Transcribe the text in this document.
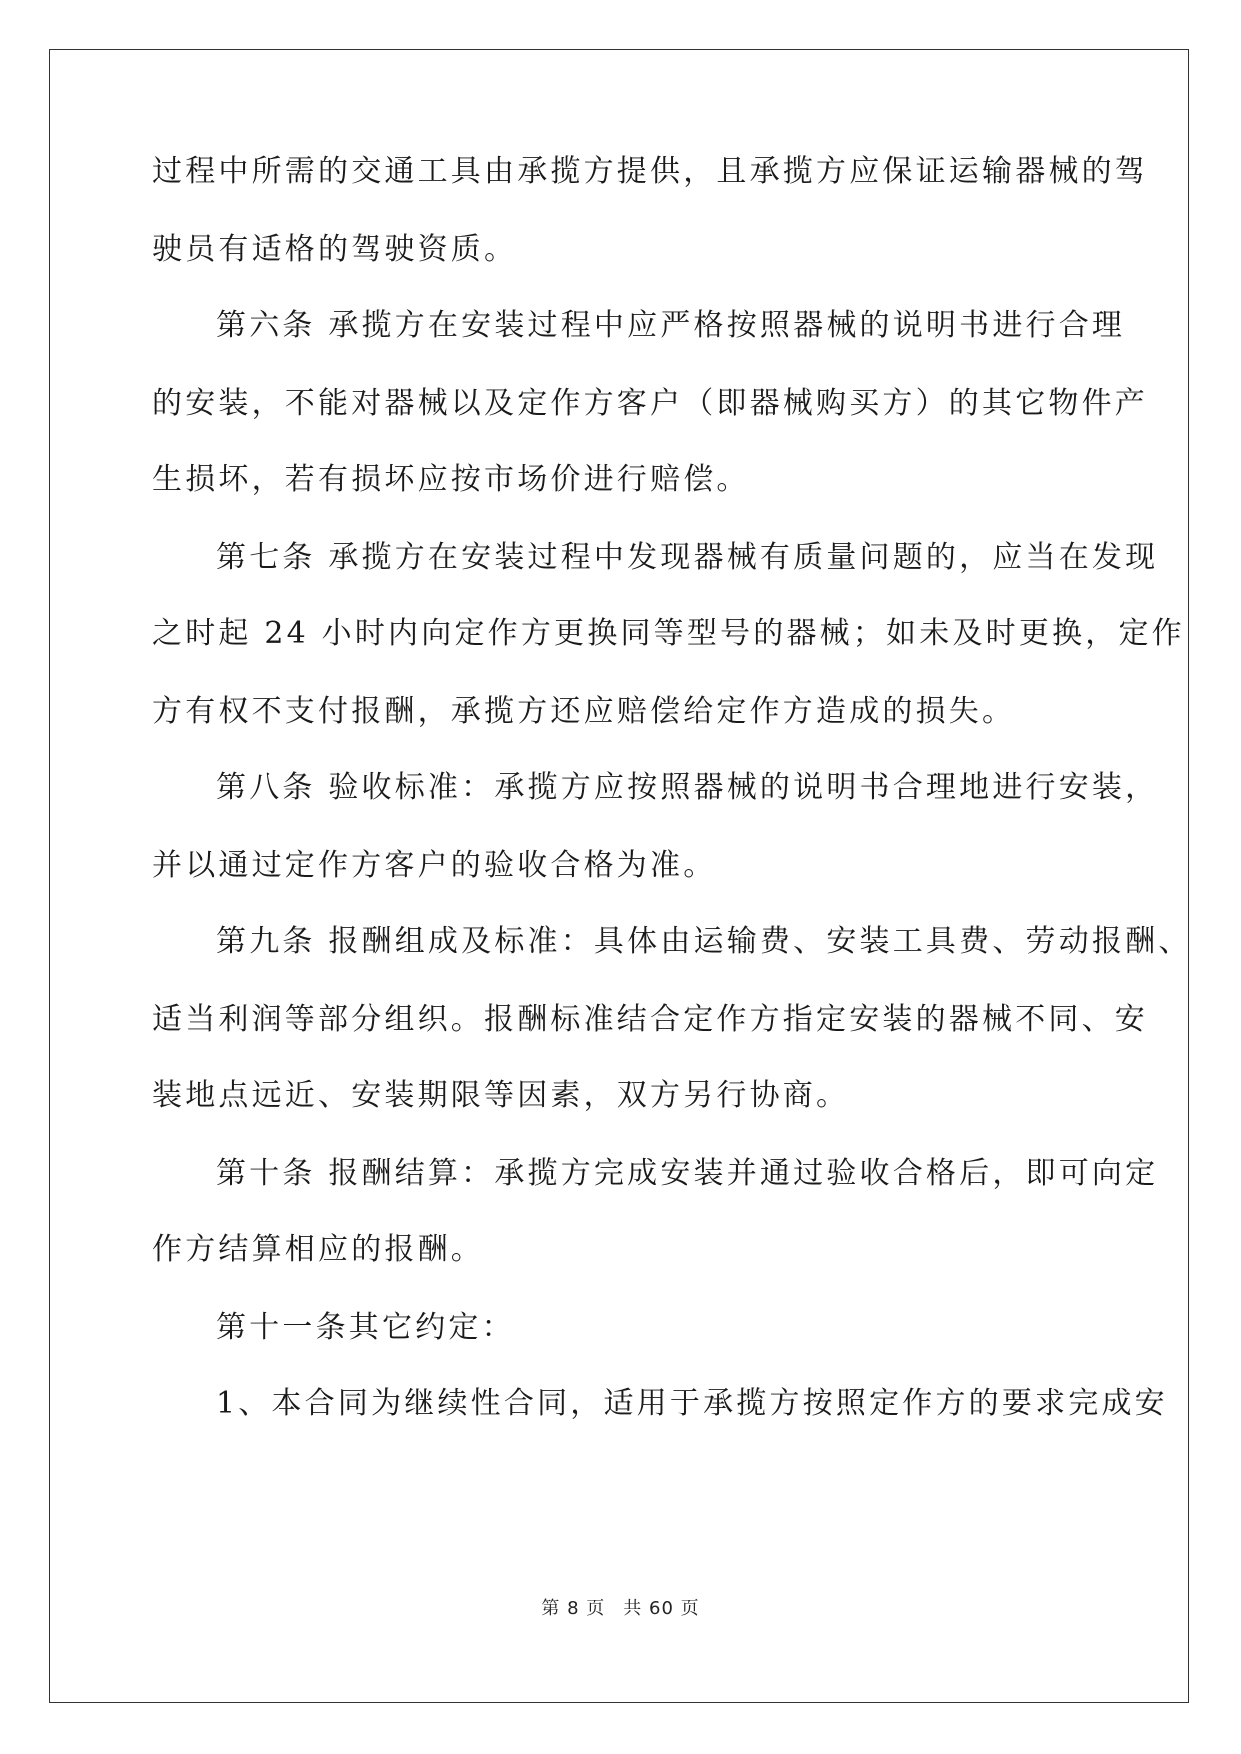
过程中所需的交通工具由承揽方提供，且承揽方应保证运输器械的驾
驶员有适格的驾驶资质。
第六条 承揽方在安装过程中应严格按照器械的说明书进行合理
的安装，不能对器械以及定作方客户（即器械购买方）的其它物件产
生损坏，若有损坏应按市场价进行赔偿。
第七条 承揽方在安装过程中发现器械有质量问题的，应当在发现
之时起 24 小时内向定作方更换同等型号的器械；如未及时更换，定作
方有权不支付报酬，承揽方还应赔偿给定作方造成的损失。
第八条 验收标准：承揽方应按照器械的说明书合理地进行安装，
并以通过定作方客户的验收合格为准。
第九条 报酬组成及标准：具体由运输费、安装工具费、劳动报酬、
适当利润等部分组织。报酬标准结合定作方指定安装的器械不同、安
装地点远近、安装期限等因素，双方另行协商。
第十条 报酬结算：承揽方完成安装并通过验收合格后，即可向定
作方结算相应的报酬。
第十一条其它约定：
1、本合同为继续性合同，适用于承揽方按照定作方的要求完成安
第 8 页 共 60 页
